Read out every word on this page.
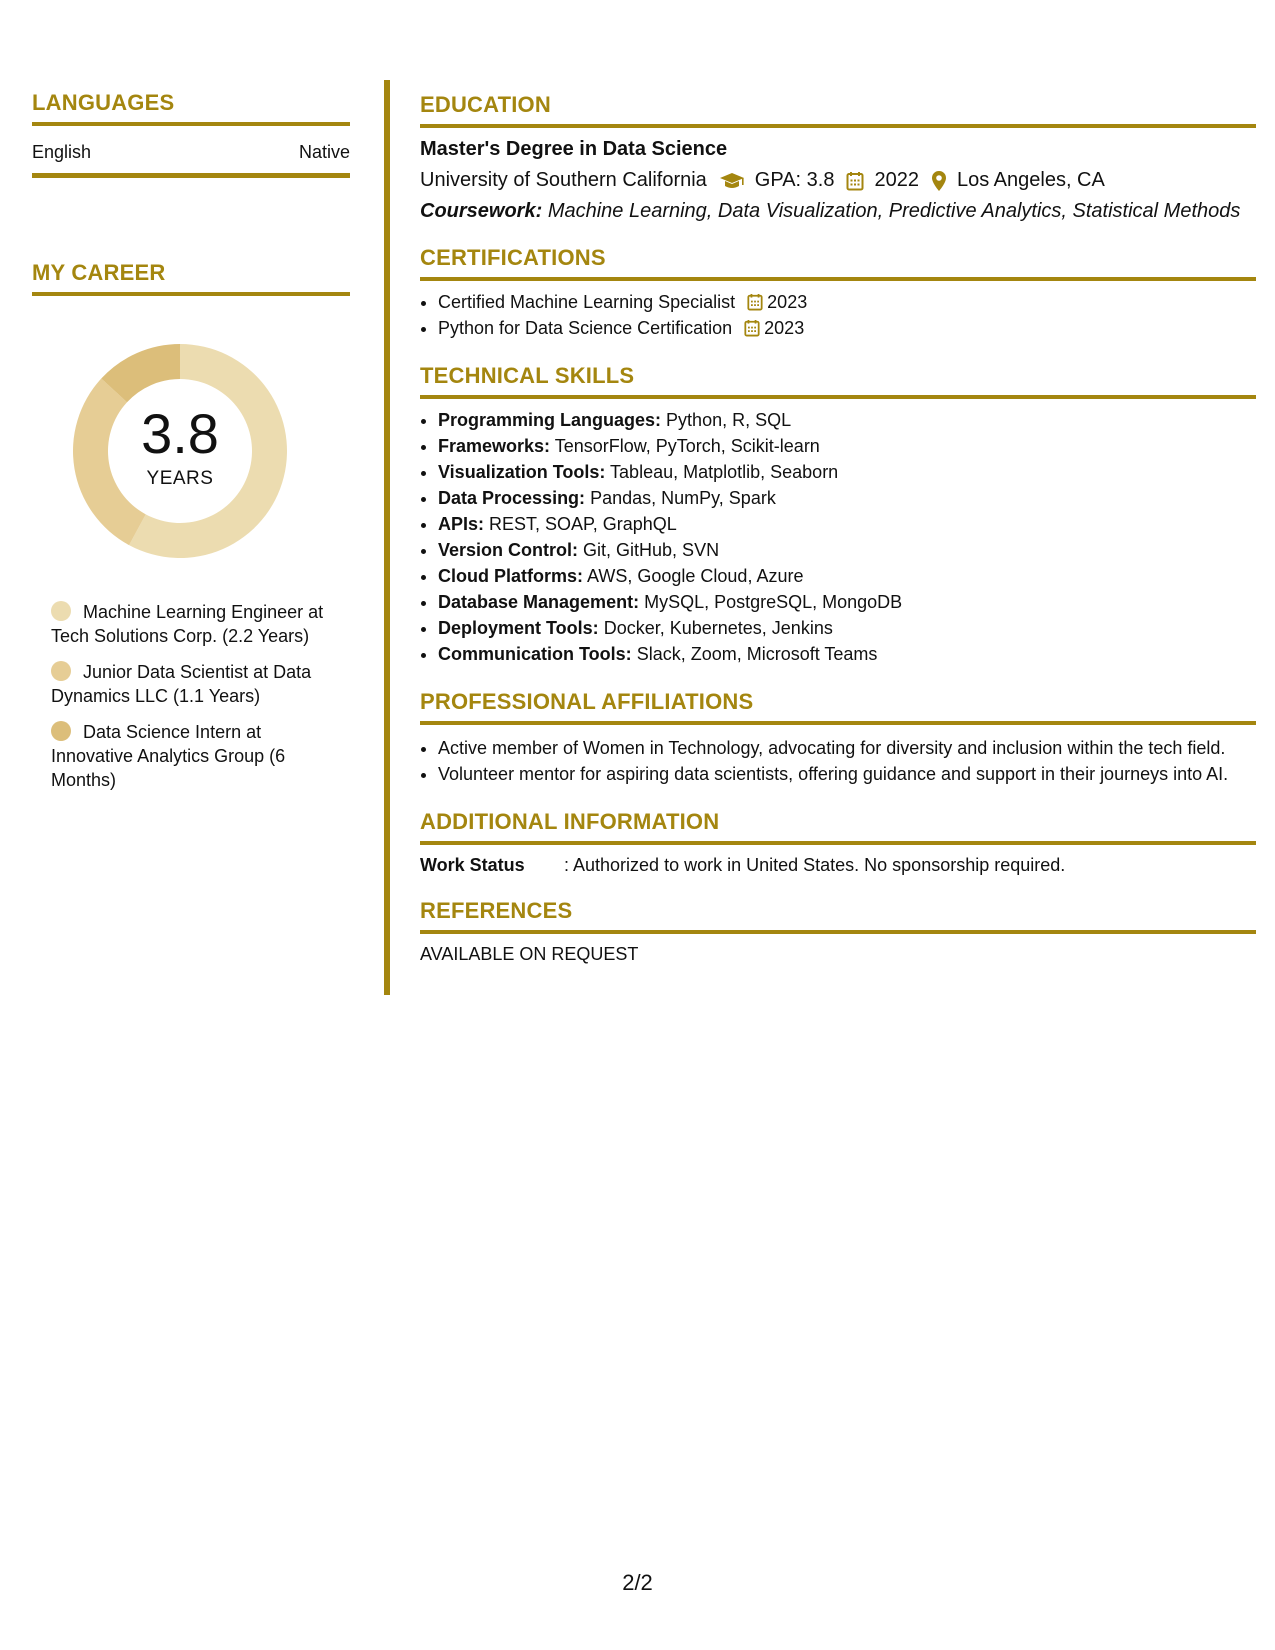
LANGUAGES
English	Native
MY CAREER
3.8
YEARS
Machine Learning Engineer at Tech Solutions Corp. (2.2 Years)
Junior Data Scientist at Data Dynamics LLC (1.1 Years)
Data Science Intern at Innovative Analytics Group (6 Months)
EDUCATION
Master's Degree in Data Science
University of Southern California GPA: 3.8 2022 Los Angeles, CA
Coursework: Machine Learning, Data Visualization, Predictive Analytics, Statistical Methods
CERTIFICATIONS
• Certified Machine Learning Specialist 2023
• Python for Data Science Certification 2023
TECHNICAL SKILLS
• Programming Languages: Python, R, SQL
• Frameworks: TensorFlow, PyTorch, Scikit-learn
• Visualization Tools: Tableau, Matplotlib, Seaborn
• Data Processing: Pandas, NumPy, Spark
• APIs: REST, SOAP, GraphQL
• Version Control: Git, GitHub, SVN
• Cloud Platforms: AWS, Google Cloud, Azure
• Database Management: MySQL, PostgreSQL, MongoDB
• Deployment Tools: Docker, Kubernetes, Jenkins
• Communication Tools: Slack, Zoom, Microsoft Teams
PROFESSIONAL AFFILIATIONS
• Active member of Women in Technology, advocating for diversity and inclusion within the tech field.
• Volunteer mentor for aspiring data scientists, offering guidance and support in their journeys into AI.
ADDITIONAL INFORMATION
Work Status	: Authorized to work in United States. No sponsorship required.
REFERENCES
AVAILABLE ON REQUEST
2/2
